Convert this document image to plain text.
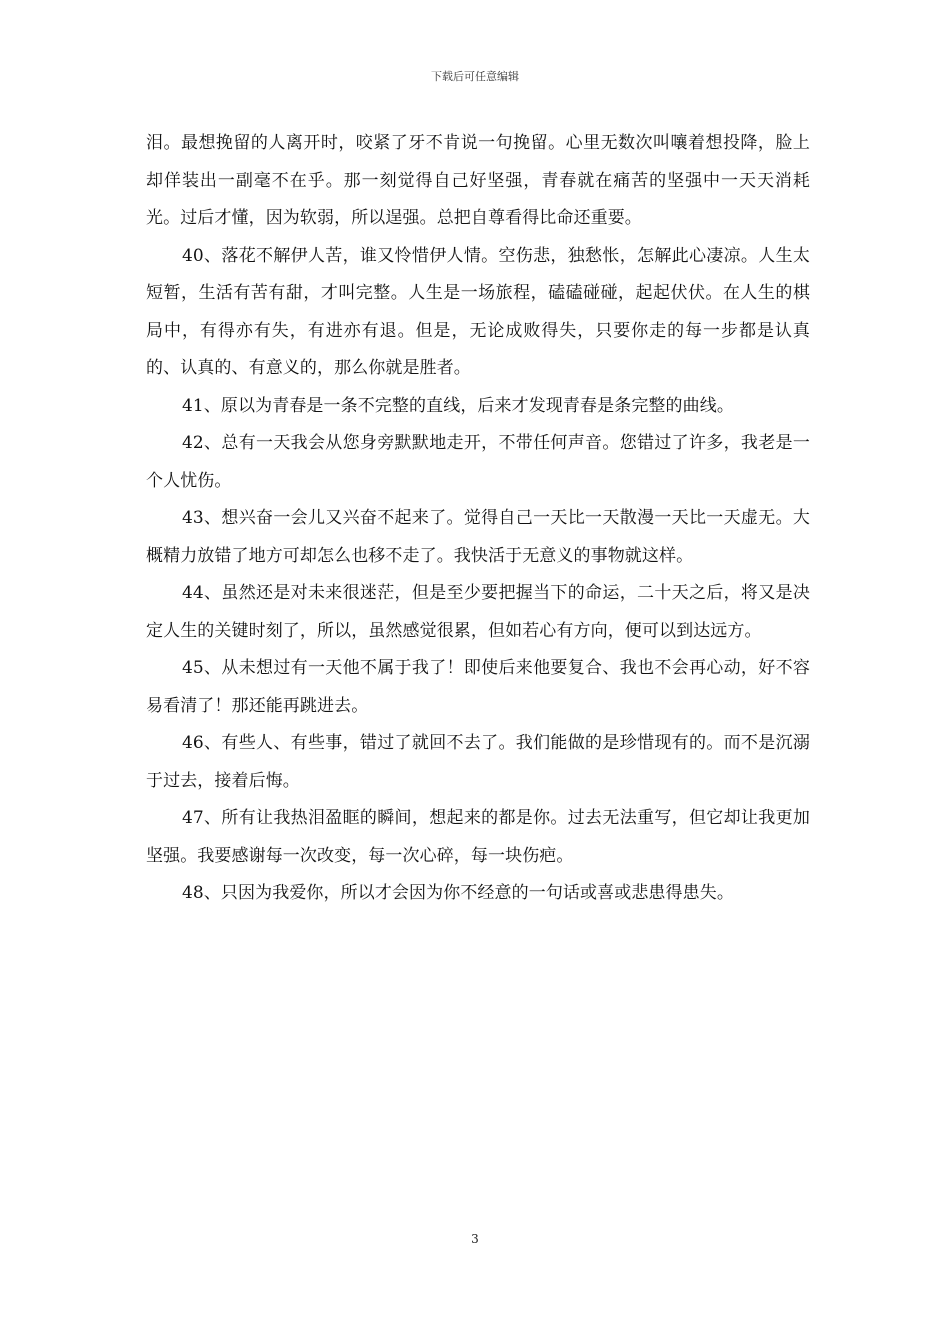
下载后可任意编辑

泪。最想挽留的人离开时，咬紧了牙不肯说一句挽留。心里无数次叫嚷着想投降，脸上却佯装出一副毫不在乎。那一刻觉得自己好坚强，青春就在痛苦的坚强中一天天消耗光。过后才懂，因为软弱，所以逞强。总把自尊看得比命还重要。

40、落花不解伊人苦，谁又怜惜伊人情。空伤悲，独愁怅，怎解此心凄凉。人生太短暂，生活有苦有甜，才叫完整。人生是一场旅程，磕磕碰碰，起起伏伏。在人生的棋局中，有得亦有失，有进亦有退。但是，无论成败得失，只要你走的每一步都是认真的、认真的、有意义的，那么你就是胜者。

41、原以为青春是一条不完整的直线，后来才发现青春是条完整的曲线。

42、总有一天我会从您身旁默默地走开，不带任何声音。您错过了许多，我老是一个人忧伤。

43、想兴奋一会儿又兴奋不起来了。觉得自己一天比一天散漫一天比一天虚无。大概精力放错了地方可却怎么也移不走了。我快活于无意义的事物就这样。

44、虽然还是对未来很迷茫，但是至少要把握当下的命运，二十天之后，将又是决定人生的关键时刻了，所以，虽然感觉很累，但如若心有方向，便可以到达远方。

45、从未想过有一天他不属于我了！即使后来他要复合、我也不会再心动，好不容易看清了！那还能再跳进去。

46、有些人、有些事，错过了就回不去了。我们能做的是珍惜现有的。而不是沉溺于过去，接着后悔。

47、所有让我热泪盈眶的瞬间，想起来的都是你。过去无法重写，但它却让我更加坚强。我要感谢每一次改变，每一次心碎，每一块伤疤。

48、只因为我爱你，所以才会因为你不经意的一句话或喜或悲患得患失。

3
